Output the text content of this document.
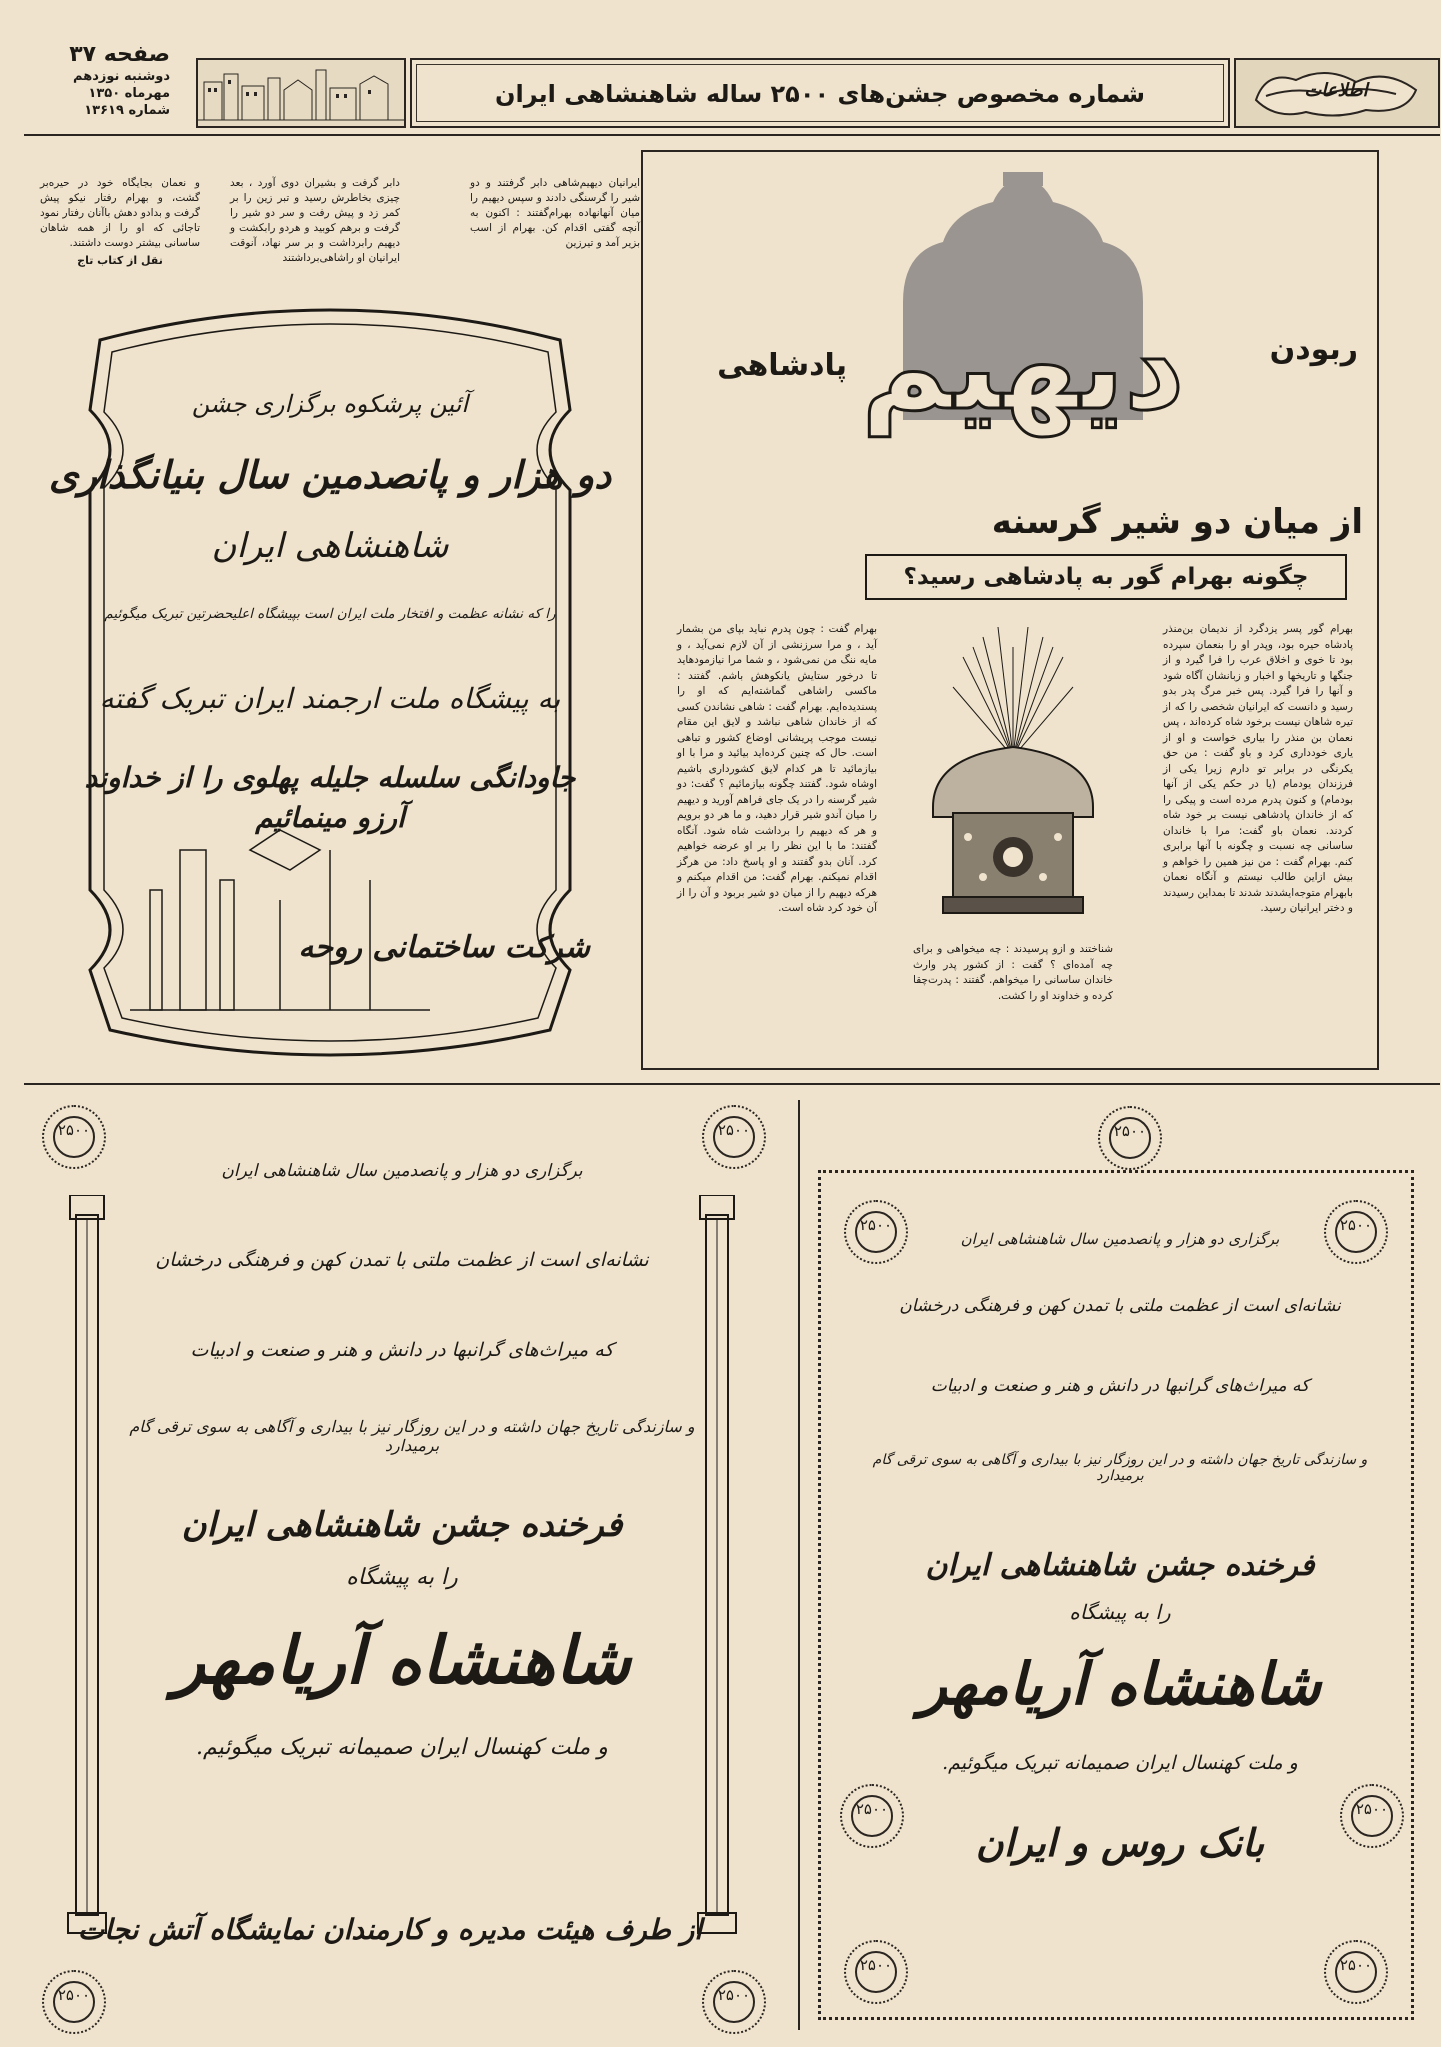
صفحه ۳۷
دوشنبه نوزدهم
مهرماه ۱۳۵۰
شماره ۱۳۶۱۹
شماره مخصوص جشن‌های ۲۵۰۰ ساله شاهنشاهی ایران	اطلاعات
ایرانیان دیهیم‌شاهی دابر گرفتند و دو شیر را گرسنگی دادند و سپس دیهیم را میان آنهانهاده بهرام‌گفتند : اکنون به آنچه گفتی اقدام کن. بهرام از اسب بزیر آمد و تیرزین
دابر گرفت و بشیران دوی آورد ، بعد چیزی بخاطرش رسید و تبر زین را بر کمر زد و پیش رفت و سر دو شیر را گرفت و برهم کوبید و هردو رابکشت و دیهیم رابرداشت و بر سر نهاد، آنوقت ایرانیان او راشاهی‌برداشتند
و نعمان بجایگاه خود در حیره‌بر گشت، و بهرام رفتار نیکو پیش گرفت و بدادو دهش باآنان رفتار نمود تاجائی که او را از همه شاهان ساسانی بیشتر دوست داشتند.
نقل از کتاب تاج
دیهیم
پادشاهی	ربودن
از میان دو شیر گرسنه
چگونه بهرام گور به پادشاهی رسید؟
بهرام گور پسر یزدگرد از ندیمان بن‌منذر پادشاه حیره بود، وپدر او را بنعمان سپرده بود تا خوی و اخلاق عرب را فرا گیرد و از جنگها و تاریخها و اخبار و زبانشان آگاه شود و آنها را فرا گیرد. پس خبر مرگ پدر بدو رسید و دانست که ایرانیان شخصی را که از تیره شاهان نیست برخود شاه کرده‌اند ، پس نعمان بن منذر را بیاری خواست و او از یاری خودداری کرد و باو گفت : من حق یکرنگی در برابر تو دارم زیرا یکی از فرزندان یودمام (یا در حکم یکی از آنها بودمام) و کنون پدرم مرده است و پیکی را که از خاندان پادشاهی نیست بر خود شاه کردند. نعمان باو گفت: مرا با خاندان ساسانی چه نسبت و چگونه با آنها برابری کنم. بهرام گفت : من نیز همین را خواهم و بیش ازاین طالب نیستم و آنگاه نعمان بابهرام متوجه‌ایشدند شدند تا بمداین رسیدند و دختر ایرانیان رسید.
بهرام گفت : چون پدرم نباید بپای من بشمار آید ، و مرا سرزنشی از آن لازم نمی‌آید ، و مایه ننگ من نمی‌شود ، و شما مرا نیازمودهاید تا درخور ستایش یانکوهش باشم. گفتند : ماکسی راشاهی گماشته‌ایم که او را پسندیده‌ایم. بهرام گفت : شاهی نشاندن کسی که از خاندان شاهی نباشد و لایق این مقام نیست موجب پریشانی اوضاع کشور و تباهی است. حال که چنین کرده‌اید بیائید و مرا با او بیازمائید تا هر کدام لایق کشورداری باشیم اوشاه شود. گفتند چگونه بیازمائیم ؟ گفت: دو شیر گرسنه را در یک جای فراهم آورید و دیهیم را میان آندو شیر قرار دهید، و ما هر دو برویم و هر که دیهیم را برداشت شاه شود. آنگاه گفتند: ما با این نظر را بر او عرضه خواهیم کرد. آنان بدو گفتند و او پاسخ داد: من هرگز اقدام نمیکنم. بهرام گفت: من اقدام میکنم و هرکه دیهیم را از میان دو شیر بربود و آن را از آن خود کرد شاه است.
شناختند و ازو پرسیدند : چه میخواهی و برای چه آمده‌ای ؟ گفت : از کشور پدر وارث خاندان ساسانی را میخواهم. گفتند : پدرت‌چقا کرده و خداوند او را کشت.
آئین پرشکوه برگزاری جشن
دو هزار و پانصدمین سال بنیانگذاری
شاهنشاهی ایران
را که نشانه عظمت و افتخار ملت ایران است بپیشگاه اعلیحضرتین تبریک میگوئیم
به پیشگاه ملت ارجمند ایران تبریک گفته
جاودانگی سلسله جلیله پهلوی را از خداوند آرزو مینمائیم
شرکت ساختمانی روحه
۲۵۰۰
۲۵۰۰
۲۵۰۰
۲۵۰۰
برگزاری دو هزار و پانصدمین سال شاهنشاهی ایران
نشانه‌ای است از عظمت ملتی با تمدن کهن و فرهنگی درخشان
که میراث‌های گرانبها در دانش و هنر و صنعت و ادبیات
و سازندگی تاریخ جهان داشته و در این روزگار نیز با بیداری و آگاهی به سوی ترقی گام برمیدارد
فرخنده جشن شاهنشاهی ایران
را به پیشگاه
شاهنشاه آریامهر
و ملت کهنسال ایران صمیمانه تبریک میگوئیم.
از طرف هیئت مدیره و کارمندان نمایشگاه آتش نجات
۲۵۰۰
۲۵۰۰	۲۵۰۰
۲۵۰۰	۲۵۰۰
۲۵۰۰	۲۵۰۰
برگزاری دو هزار و پانصدمین سال شاهنشاهی ایران
نشانه‌ای است از عظمت ملتی با تمدن کهن و فرهنگی درخشان
که میراث‌های گرانبها در دانش و هنر و صنعت و ادبیات
و سازندگی تاریخ جهان داشته و در این روزگار نیز با بیداری و آگاهی به سوی ترقی گام برمیدارد
فرخنده جشن شاهنشاهی ایران
را به پیشگاه
شاهنشاه آریامهر
و ملت کهنسال ایران صمیمانه تبریک میگوئیم.
بانک روس و ایران
